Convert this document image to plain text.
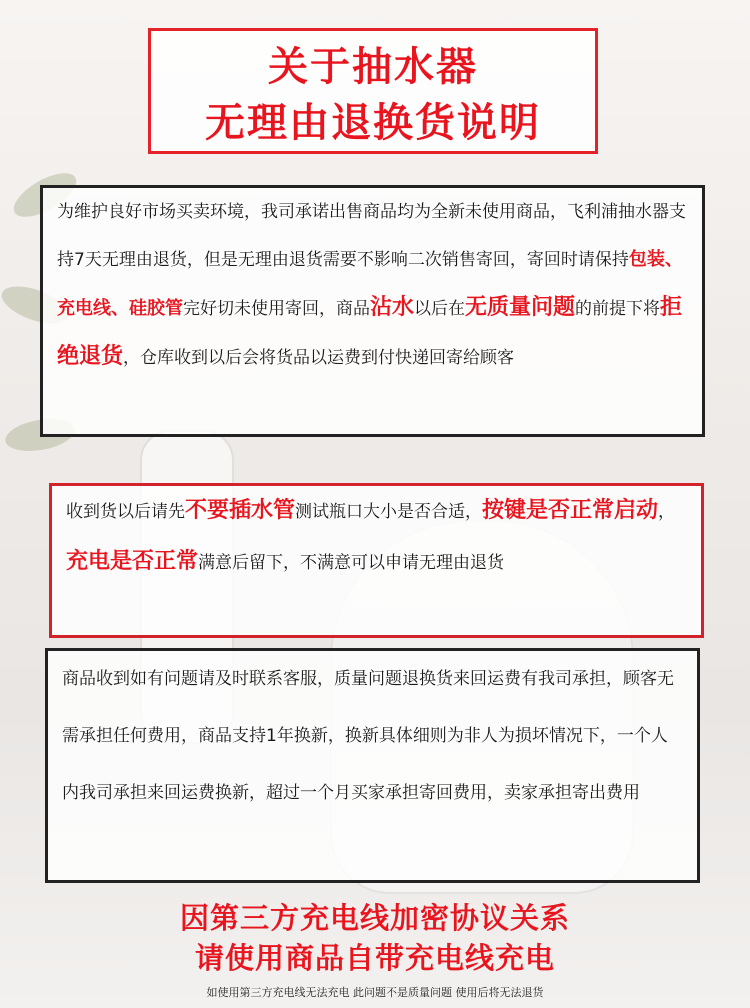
关于抽水器
无理由退换货说明

为维护良好市场买卖环境，我司承诺出售商品均为全新未使用商品，飞利浦抽水器支持7天无理由退货，但是无理由退货需要不影响二次销售寄回，寄回时请保持包装、充电线、硅胶管完好切未使用寄回，商品沾水以后在无质量问题的前提下将拒绝退货，仓库收到以后会将货品以运费到付快递回寄给顾客

收到货以后请先不要插水管测试瓶口大小是否合适，按键是否正常启动，充电是否正常满意后留下，不满意可以申请无理由退货

商品收到如有问题请及时联系客服，质量问题退换货来回运费有我司承担，顾客无需承担任何费用，商品支持1年换新，换新具体细则为非人为损坏情况下，一个人内我司承担来回运费换新，超过一个月买家承担寄回费用，卖家承担寄出费用

因第三方充电线加密协议关系
请使用商品自带充电线充电
如使用第三方充电线无法充电 此问题不是质量问题 使用后将无法退货
